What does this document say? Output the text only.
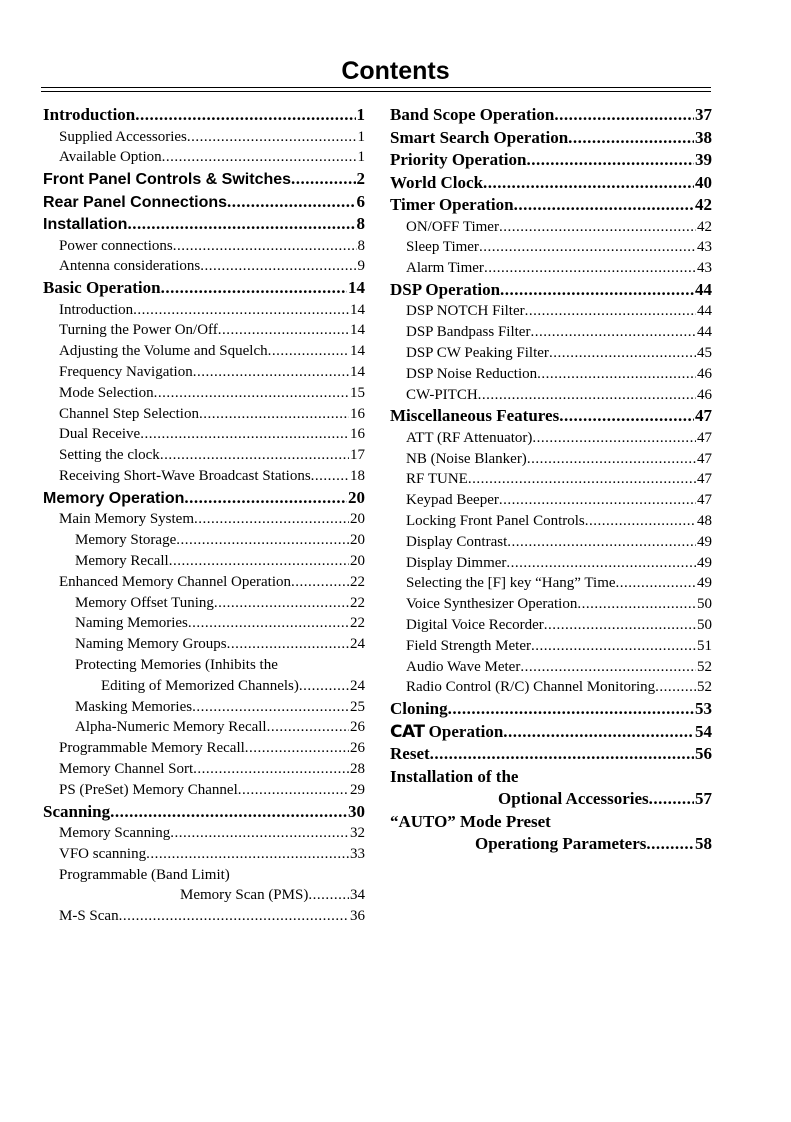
Contents
Introduction .....	1
Supplied Accessories .....	1
Available Option .....	1
Front Panel Controls & Switches .....	2
Rear Panel Connections .....	6
Installation .....	8
Power connections .....	8
Antenna considerations .....	9
Basic Operation .....	14
Introduction .....	14
Turning the Power On/Off .....	14
Adjusting the Volume and Squelch .....	14
Frequency Navigation .....	14
Mode Selection .....	15
Channel Step Selection .....	16
Dual Receive .....	16
Setting the clock .....	17
Receiving Short-Wave Broadcast Stations .....	18
Memory Operation .....	20
Main Memory System .....	20
Memory Storage .....	20
Memory Recall .....	20
Enhanced Memory Channel Operation .....	22
Memory Offset Tuning .....	22
Naming Memories .....	22
Naming Memory Groups .....	24
Protecting Memories (Inhibits the
Editing of Memorized Channels) .....	24
Masking Memories .....	25
Alpha-Numeric Memory Recall .....	26
Programmable Memory Recall .....	26
Memory Channel Sort .....	28
PS (PreSet) Memory Channel .....	29
Scanning .....	30
Memory Scanning .....	32
VFO scanning .....	33
Programmable (Band Limit)
Memory Scan (PMS) .....	34
M-S Scan .....	36
Band Scope Operation .....	37
Smart Search Operation .....	38
Priority Operation .....	39
World Clock .....	40
Timer Operation .....	42
ON/OFF Timer .....	42
Sleep Timer .....	43
Alarm Timer .....	43
DSP Operation .....	44
DSP NOTCH Filter .....	44
DSP Bandpass Filter .....	44
DSP CW Peaking Filter .....	45
DSP Noise Reduction .....	46
CW-PITCH .....	46
Miscellaneous Features .....	47
ATT (RF Attenuator) .....	47
NB (Noise Blanker) .....	47
RF TUNE .....	47
Keypad Beeper .....	47
Locking Front Panel Controls .....	48
Display Contrast .....	49
Display Dimmer .....	49
Selecting the [F] key “Hang” Time .....	49
Voice Synthesizer Operation .....	50
Digital Voice Recorder .....	50
Field Strength Meter .....	51
Audio Wave Meter .....	52
Radio Control (R/C) Channel Monitoring .....	52
Cloning .....	53
CAT Operation .....	54
Reset .....	56
Installation of the
Optional Accessories .....	57
“AUTO” Mode Preset
Operationg Parameters .....	58
